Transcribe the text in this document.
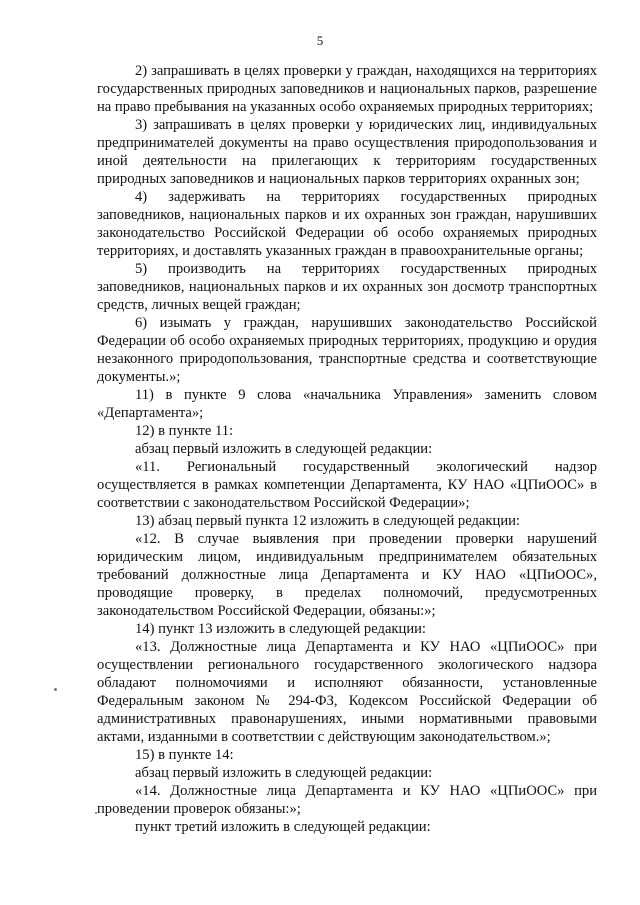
5

2) запрашивать в целях проверки у граждан, находящихся на территориях государственных природных заповедников и национальных парков, разрешение на право пребывания на указанных особо охраняемых природных территориях;

3) запрашивать в целях проверки у юридических лиц, индивидуальных предпринимателей документы на право осуществления природопользования и иной деятельности на прилегающих к территориям государственных природных заповедников и национальных парков территориях охранных зон;

4) задерживать на территориях государственных природных заповедников, национальных парков и их охранных зон граждан, нарушивших законодательство Российской Федерации об особо охраняемых природных территориях, и доставлять указанных граждан в правоохранительные органы;

5) производить на территориях государственных природных заповедников, национальных парков и их охранных зон досмотр транспортных средств, личных вещей граждан;

6) изымать у граждан, нарушивших законодательство Российской Федерации об особо охраняемых природных территориях, продукцию и орудия незаконного природопользования, транспортные средства и соответствующие документы.»;

11) в пункте 9 слова «начальника Управления» заменить словом «Департамента»;

12) в пункте 11:

абзац первый изложить в следующей редакции:

«11. Региональный государственный экологический надзор осуществляется в рамках компетенции Департамента, КУ НАО «ЦПиООС» в соответствии с законодательством Российской Федерации»;

13) абзац первый пункта 12 изложить в следующей редакции:

«12. В случае выявления при проведении проверки нарушений юридическим лицом, индивидуальным предпринимателем обязательных требований должностные лица Департамента и КУ НАО «ЦПиООС», проводящие проверку, в пределах полномочий, предусмотренных законодательством Российской Федерации, обязаны:»;

14) пункт 13 изложить в следующей редакции:

«13. Должностные лица Департамента и КУ НАО «ЦПиООС» при осуществлении регионального государственного экологического надзора обладают полномочиями и исполняют обязанности, установленные Федеральным законом № 294-ФЗ, Кодексом Российской Федерации об административных правонарушениях, иными нормативными правовыми актами, изданными в соответствии с действующим законодательством.»;

15) в пункте 14:

абзац первый изложить в следующей редакции:

«14. Должностные лица Департамента и КУ НАО «ЦПиООС» при проведении проверок обязаны:»;

пункт третий изложить в следующей редакции:
